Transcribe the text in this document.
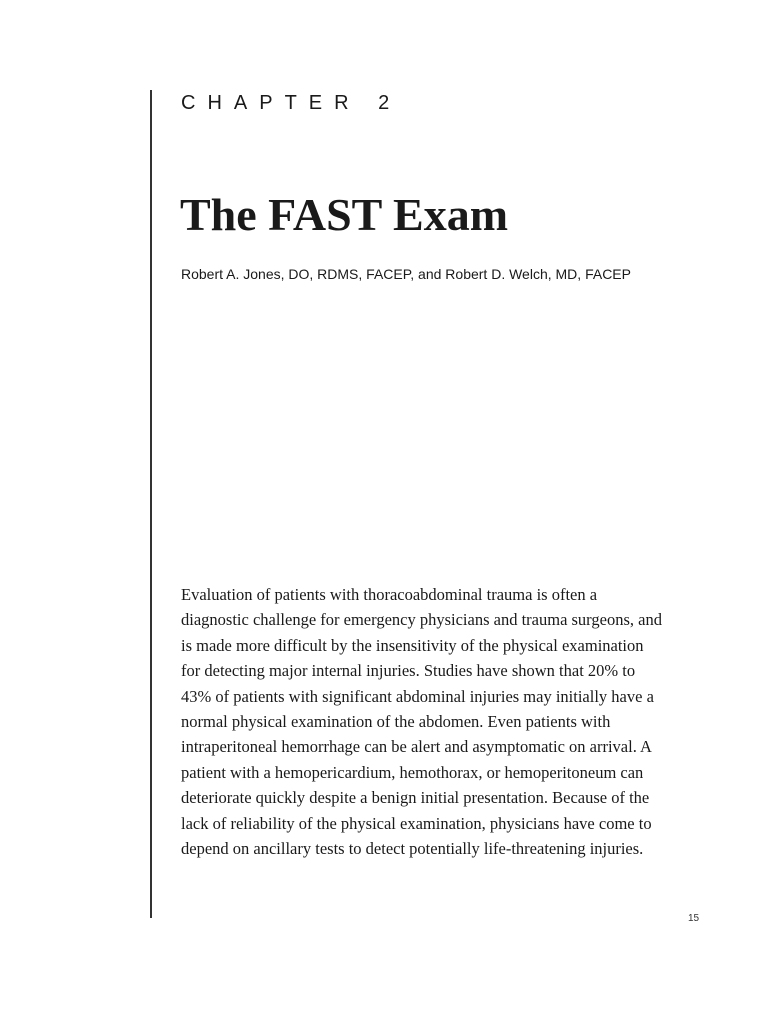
CHAPTER 2
The FAST Exam
Robert A. Jones, DO, RDMS, FACEP, and Robert D. Welch, MD, FACEP
Evaluation of patients with thoracoabdominal trauma is often a
diagnostic challenge for emergency physicians and trauma surgeons, and
is made more difficult by the insensitivity of the physical examination
for detecting major internal injuries. Studies have shown that 20% to
43% of patients with significant abdominal injuries may initially have a
normal physical examination of the abdomen. Even patients with
intraperitoneal hemorrhage can be alert and asymptomatic on arrival. A
patient with a hemopericardium, hemothorax, or hemoperitoneum can
deteriorate quickly despite a benign initial presentation. Because of the
lack of reliability of the physical examination, physicians have come to
depend on ancillary tests to detect potentially life-threatening injuries.
15
